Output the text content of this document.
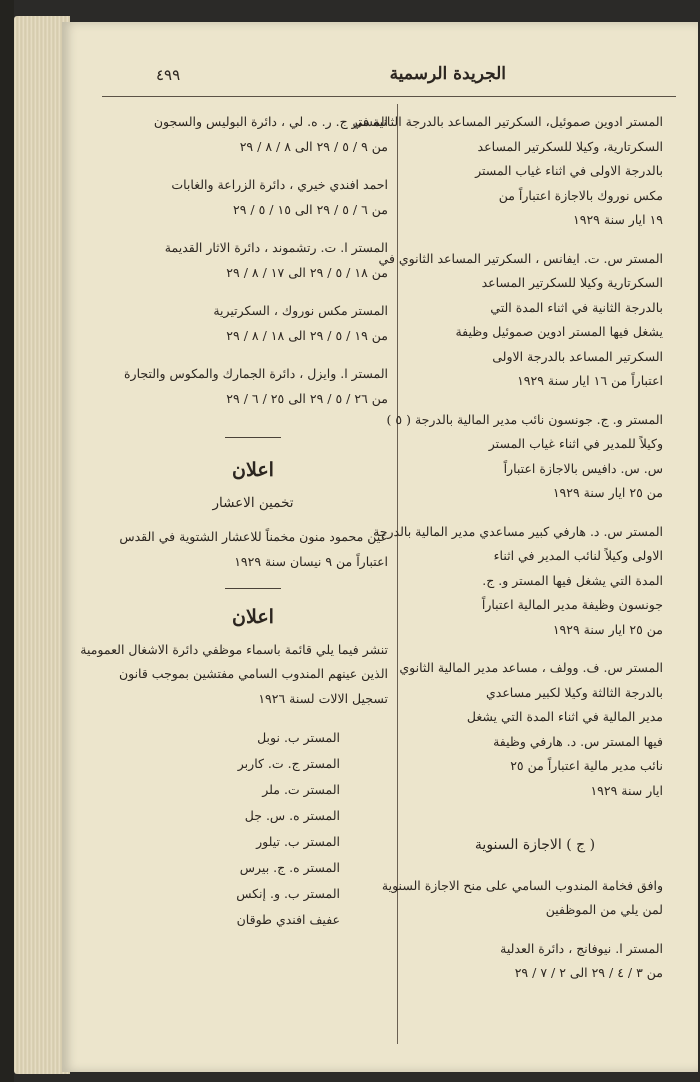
٤٩٩	الجريدة الرسمية
المستر ادوين صموئيل، السكرتير المساعد بالدرجة الثانية في
السكرتارية، وكيلا للسكرتير المساعد
بالدرجة الاولى في اثناء غياب المستر
مكس نوروك بالاجازة اعتباراً من
١٩ ايار سنة ١٩٢٩
المستر س. ت. ايفانس ، السكرتير المساعد الثانوي في
السكرتارية وكيلا للسكرتير المساعد
بالدرجة الثانية في اثناء المدة التي
يشغل فيها المستر ادوين صموئيل وظيفة
السكرتير المساعد بالدرجة الاولى
اعتباراً من ١٦ ايار سنة ١٩٢٩
المستر و. ج. جونسون نائب مدير المالية بالدرجة ( ٥ )
وكيلاً للمدير في اثناء غياب المستر
س. س. دافيس بالاجازة اعتباراً
من ٢٥ ايار سنة ١٩٢٩
المستر س. د. هارفي كبير مساعدي مدير المالية بالدرجة
الاولى وكيلاً لنائب المدير في اثناء
المدة التي يشغل فيها المستر و. ج.
جونسون وظيفة مدير المالية اعتباراً
من ٢٥ ايار سنة ١٩٢٩
المستر س. ف. وولف ، مساعد مدير المالية الثانوي
بالدرجة الثالثة وكيلا لكبير مساعدي
مدير المالية في اثناء المدة التي يشغل
فيها المستر س. د. هارفي وظيفة
نائب مدير مالية اعتباراً من ٢٥
ايار سنة ١٩٢٩
( ج ) الاجازة السنوية
وافق فخامة المندوب السامي على منح الاجازة السنوية
لمن يلي من الموظفين
المستر ا. نيوفانج ، دائرة العدلية
من ٣ / ٤ / ٢٩ الى ٢ / ٧ / ٢٩
المستر ج. ر. ه. لي ، دائرة البوليس والسجون
من ٩ / ٥ / ٢٩ الى ٨ / ٨ / ٢٩
احمد افندي خيري ، دائرة الزراعة والغابات
من ٦ / ٥ / ٢٩ الى ١٥ / ٥ / ٢٩
المستر ا. ت. رتشموند ، دائرة الاثار القديمة
من ١٨ / ٥ / ٢٩ الى ١٧ / ٨ / ٢٩
المستر مكس نوروك ، السكرتيرية
من ١٩ / ٥ / ٢٩ الى ١٨ / ٨ / ٢٩
المستر ا. وايزل ، دائرة الجمارك والمكوس والتجارة
من ٢٦ / ٥ / ٢٩ الى ٢٥ / ٦ / ٢٩
اعلان
تخمين الاعشار
عين محمود منون مخمناً للاعشار الشتوية في القدس
اعتباراً من ٩ نيسان سنة ١٩٢٩
اعلان
تنشر فيما يلي قائمة باسماء موظفي دائرة الاشغال العمومية
الذين عينهم المندوب السامي مفتشين بموجب قانون
تسجيل الالات لسنة ١٩٢٦
المستر ب. نوبل
المستر ج. ت. كاربر
المستر ت. ملر
المستر ه. س. جل
المستر ب. تيلور
المستر ه. ج. بيرس
المستر ب. و. إنكس
عفيف افندي طوقان
